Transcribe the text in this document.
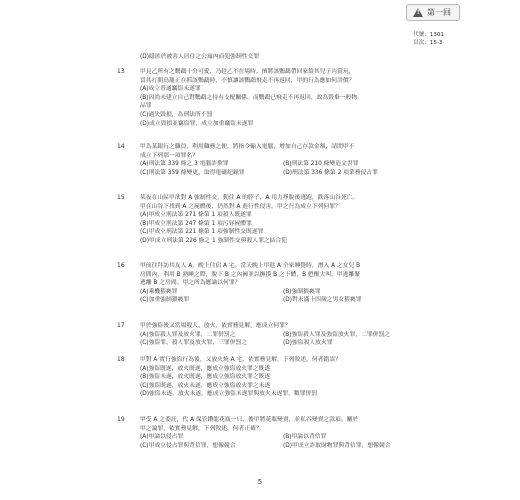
!
第一回
代號：1301
頁次：15-3
(D)隱匿於被害人居住之公寓內而犯強制性交罪
13	甲見乙所有之鸚鵡十分可愛，乃趁乙不在場時，擅將該鸚鵡帶回家給其兒子丙賞玩，
當其打開鳥籠正在抓該鸚鵡時，不慎讓該鸚鵡飛走不再返回，甲的行為應如何評價？
(A)成立普通竊盜未遂罪
(B)因尚未建立自己對鸚鵡之持有支配關係，而鸚鵡已飛走不再返回，故為毀棄一般物
品罪
(C)過失毀損，為刑法所不罰
(D)成立毀損並竊盜罪，成立加重竊盜未遂罪
14	甲為某銀行之職員，利用職務之便，將指令輸入電腦，增加自己存款金額，請問甲不
成立下列那一項罪名？
(A)刑法第 339 條之 3 電腦詐欺罪	(B)刑法第 210 條變造文書罪
(C)刑法第 359 條變更、取得電磁紀錄罪	(D)刑法第 336 條第 2 項業務侵占罪
15	某夜在山區甲欲對 A 強制性交，動住 A 的脖子，A 用力掙脫後逃跑，跌落山谷死亡。
甲在山谷下找到 A 之屍體後，仍然對 A 進行性侵害。甲之行為成立下列何罪？
(A)甲成立刑法第 271 條第 1 項殺人既遂罪
(B)甲成立刑法第 247 條第 1 項污辱屍體罪
(C)甲成立刑法第 221 條第 1 項強制性交既遂罪
(D)甲成立刑法第 226 條之 1 強制性交與殺人罪之結合犯
16	甲前往拜訪其友人 A，晚上住宿 A 宅。當天晚上甲趁 A 全家睡覺時，潛入 A 之女兒 B
房間內，利用 B 熟睡之際，脫下 B 之內褲並以撫摸 B 之下體，B 甦醒大叫，甲逃離緊
逃離 B 之房間。甲之所為應論以何罪？
(A)乘機猥褻罪	(B)強制猥褻罪
(C)加重強制猥褻罪	(D)對未滿十四歲之男女猥褻罪
17	甲於強盜後又當場殺人、放火，依實務見解，應成立何罪？
(A)強盜殺人罪及放火罪，二罪併罰之	(B)強盜殺人罪及強盜放火罪，二罪併罰之
(C)強盜罪、殺人罪及放火罪，三罪併罰之	(D)強盜殺人放火罪
18	甲對 A 實行強盜行為後，又放火燒 A 宅，依實務見解，下列敘述，何者錯誤？
(A)強盜既遂，放火既遂，應成立強盜放火罪之既遂
(B)強盜未遂，放火既遂，應成立強盜放火罪之既遂
(C)強盜既遂，放火未遂，應成立強盜放火罪之未遂
(D)強盜未遂，放火未遂，應成立強盜未遂罪與放火未遂罪，數罪併罰
19	甲受 A 之委託，代 A 保管鑽龍花瓶一只，後甲將花瓶變賣，並私吞變賣之款項。關於
甲之論罪，依實務見解，下列敘述，何者正確？
(A)甲論以侵占罪	(B)甲論以背信罪
(C)甲成立侵占罪與背信罪，想像競合	(D)甲成立詐取財物罪與背信罪，想像競合
5
